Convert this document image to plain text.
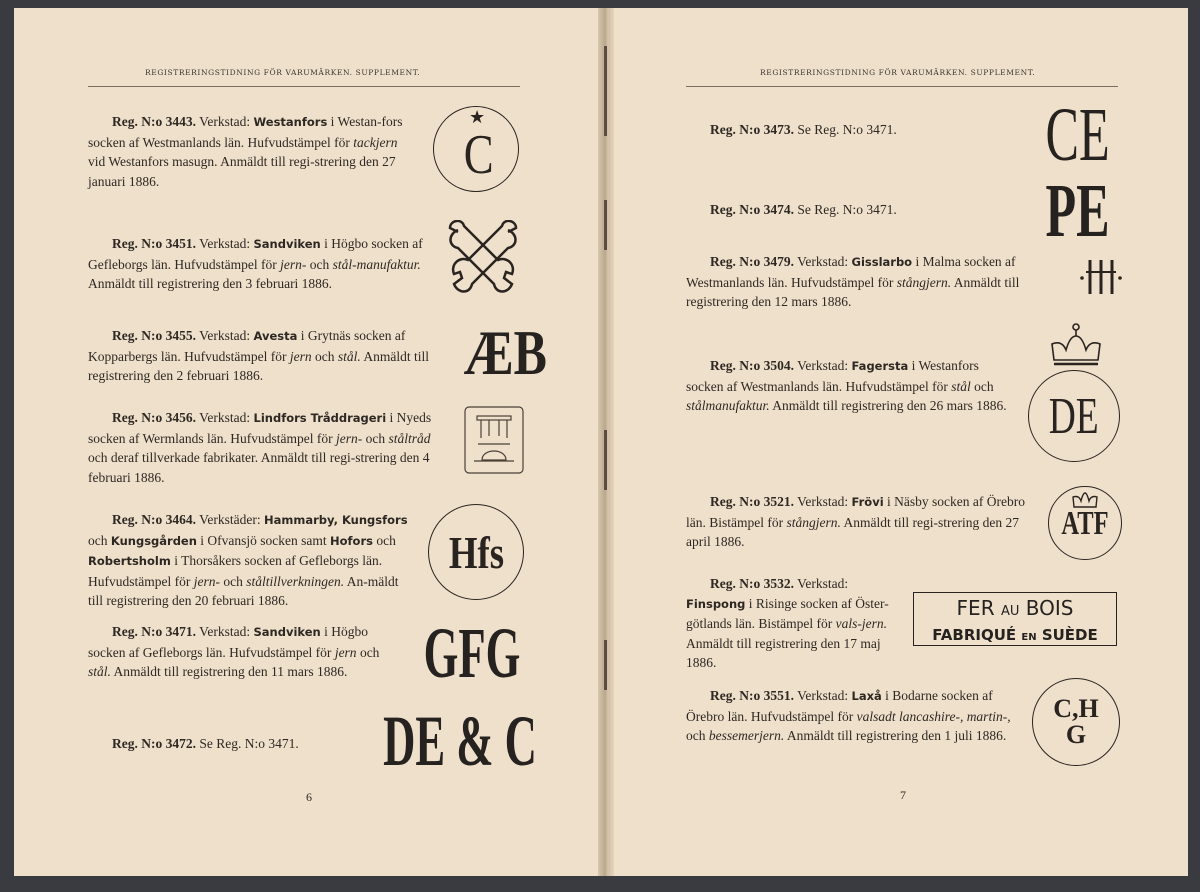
REGISTRERINGSTIDNING FÖR VARUMÄRKEN. SUPPLEMENT.
Reg. N:o 3443. Verkstad: Westanfors i Westan-fors socken af Westmanlands län. Hufvudstämpel för tackjern vid Westanfors masugn. Anmäldt till regi-strering den 27 januari 1886.
★
C
Reg. N:o 3451. Verkstad: Sandviken i Högbo socken af Gefleborgs län. Hufvudstämpel för jern- och stål-manufaktur. Anmäldt till registrering den 3 februari 1886.
Reg. N:o 3455. Verkstad: Avesta i Grytnäs socken af Kopparbergs län. Hufvudstämpel för jern och stål. Anmäldt till registrering den 2 februari 1886.	ÆB
Reg. N:o 3456. Verkstad: Lindfors Tråddrageri i Nyeds socken af Wermlands län. Hufvudstämpel för jern- och ståltråd och deraf tillverkade fabrikater. Anmäldt till regi-strering den 4 februari 1886.
Reg. N:o 3464. Verkstäder: Hammarby, Kungsfors och Kungsgården i Ofvansjö socken samt Hofors och Robertsholm i Thorsåkers socken af Gefleborgs län. Hufvudstämpel för jern- och ståltillverkningen. An-mäldt till registrering den 20 februari 1886.
Hfs
Reg. N:o 3471. Verkstad: Sandviken i Högbo socken af Gefleborgs län. Hufvudstämpel för jern och stål. Anmäldt till registrering den 11 mars 1886.	GFG
Reg. N:o 3472. Se Reg. N:o 3471.	DE & C
6
REGISTRERINGSTIDNING FÖR VARUMÄRKEN. SUPPLEMENT.
Reg. N:o 3473. Se Reg. N:o 3471.	CE
Reg. N:o 3474. Se Reg. N:o 3471.	PE
Reg. N:o 3479. Verkstad: Gisslarbo i Malma socken af Westmanlands län. Hufvudstämpel för stångjern. Anmäldt till registrering den 12 mars 1886.
Reg. N:o 3504. Verkstad: Fagersta i Westanfors socken af Westmanlands län. Hufvudstämpel för stål och stålmanufaktur. Anmäldt till registrering den 26 mars 1886. DE
Reg. N:o 3521. Verkstad: Frövi i Näsby socken af Örebro län. Bistämpel för stångjern. Anmäldt till regi-strering den 27 april 1886.	ATF
Reg. N:o 3532. Verkstad: Finspong i Risinge socken af Öster-götlands län. Bistämpel för vals-jern. Anmäldt till registrering den 17 maj 1886.
FER AU BOIS
FABRIQUÉ EN SUÈDE
Reg. N:o 3551. Verkstad: Laxå i Bodarne socken af Örebro län. Hufvudstämpel för valsadt lancashire-, martin-, och bessemerjern. Anmäldt till registrering den 1 juli 1886.
C,H
G
7
